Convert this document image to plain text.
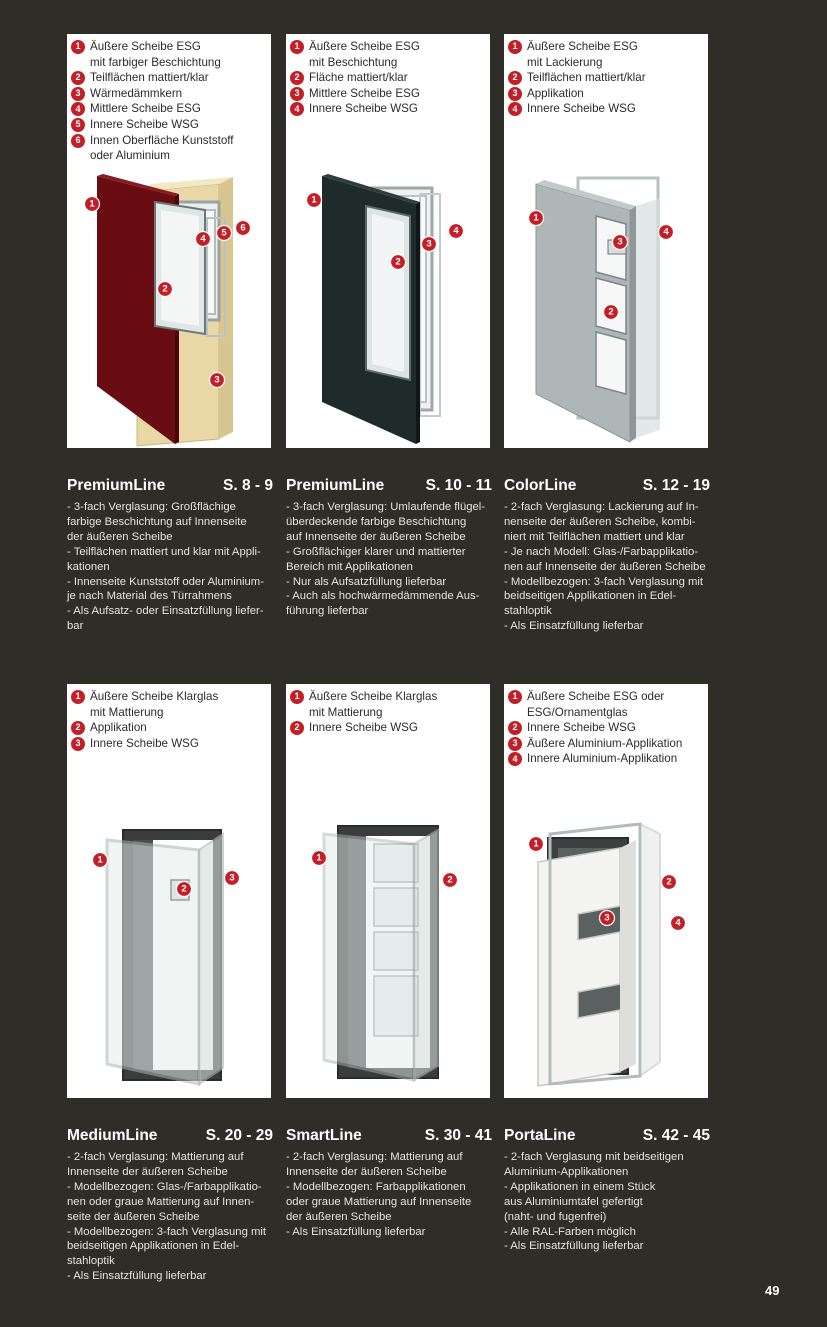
1
2
3
4
5 6
1 Äußere Scheibe ESG
mit farbiger Beschichtung
2 Teilflächen mattiert/klar
3 Wärmedämmkern
4 Mittlere Scheibe ESG
5 Innere Scheibe WSG
6 Innen Oberfläche Kunststoff
oder Aluminium
1
2
3
4
1 Äußere Scheibe ESG
mit Beschichtung
2 Fläche mattiert/klar
3 Mittlere Scheibe ESG
4 Innere Scheibe WSG
1
2
3
4
1 Äußere Scheibe ESG
mit Lackierung
2 Teilflächen mattiert/klar
3 Applikation
4 Innere Scheibe WSG
PremiumLine	S. 8 - 9
- 3-fach Verglasung: Großflächige
farbige Beschichtung auf Innenseite
der äußeren Scheibe
- Teilflächen mattiert und klar mit Appli-
kationen
- Innenseite Kunststoff oder Aluminium-
je nach Material des Türrahmens
- Als Aufsatz- oder Einsatzfüllung liefer-
bar
PremiumLine	S. 10 - 11
- 3-fach Verglasung: Umlaufende flügel-
überdeckende farbige Beschichtung
auf Innenseite der äußeren Scheibe
- Großflächiger klarer und mattierter
Bereich mit Applikationen
- Nur als Aufsatzfüllung lieferbar
- Auch als hochwärmedämmende Aus-
führung lieferbar
ColorLine	S. 12 - 19
- 2-fach Verglasung: Lackierung auf In-
nenseite der äußeren Scheibe, kombi-
niert mit Teilflächen mattiert und klar
- Je nach Modell: Glas-/Farbapplikatio-
nen auf Innenseite der äußeren Scheibe
- Modellbezogen: 3-fach Verglasung mit
beidseitigen Applikationen in Edel-
stahloptik
- Als Einsatzfüllung lieferbar
1
2
3
1 Äußere Scheibe Klarglas
mit Mattierung
2 Applikation
3 Innere Scheibe WSG
1
2
1 Äußere Scheibe Klarglas
mit Mattierung
2 Innere Scheibe WSG
1
2
3	4
1 Äußere Scheibe ESG oder
ESG/Ornamentglas
2 Innere Scheibe WSG
3 Äußere Aluminium-Applikation
4 Innere Aluminium-Applikation
MediumLine	S. 20 - 29
- 2-fach Verglasung: Mattierung auf
Innenseite der äußeren Scheibe
- Modellbezogen: Glas-/Farbapplikatio-
nen oder graue Mattierung auf Innen-
seite der äußeren Scheibe
- Modellbezogen: 3-fach Verglasung mit
beidseitigen Applikationen in Edel-
stahloptik
- Als Einsatzfüllung lieferbar
SmartLine	S. 30 - 41
- 2-fach Verglasung: Mattierung auf
Innenseite der äußeren Scheibe
- Modellbezogen: Farbapplikationen
oder graue Mattierung auf Innenseite
der äußeren Scheibe
- Als Einsatzfüllung lieferbar
PortaLine	S. 42 - 45
- 2-fach Verglasung mit beidseitigen
Aluminium-Applikationen
- Applikationen in einem Stück
aus Aluminiumtafel gefertigt
(naht- und fugenfrei)
- Alle RAL-Farben möglich
- Als Einsatzfüllung lieferbar
49
